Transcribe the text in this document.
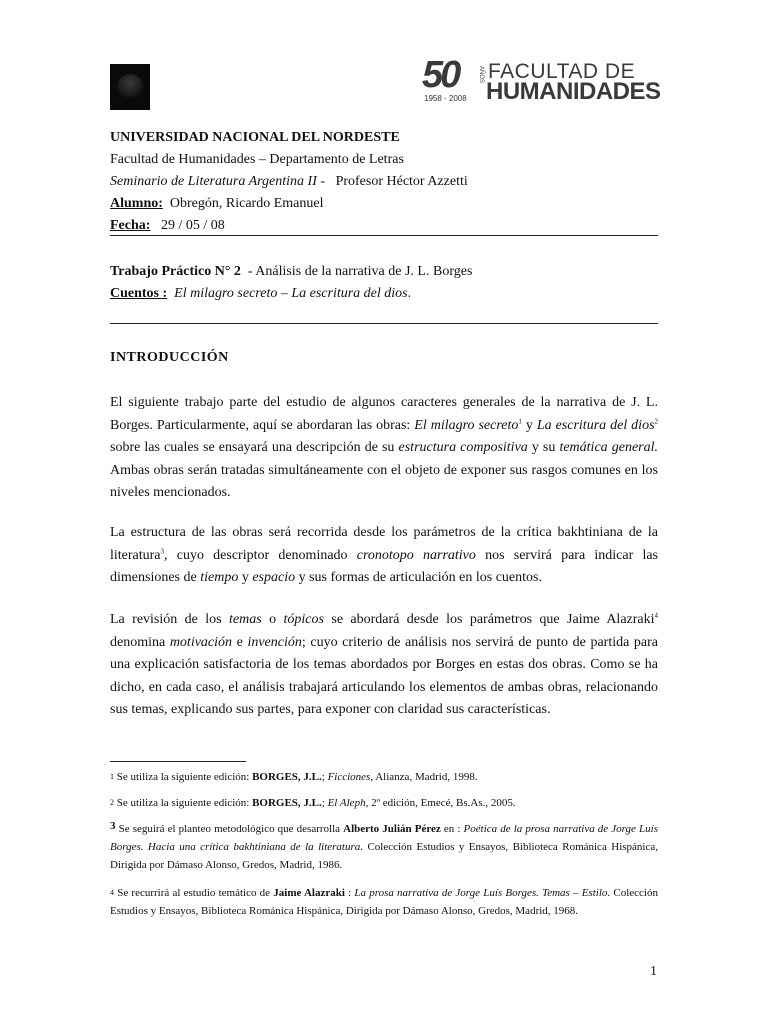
50	AÑOS
1958 - 2008
FACULTAD DE
HUMANIDADES
UNIVERSIDAD NACIONAL DEL NORDESTE
Facultad de Humanidades – Departamento de Letras
Seminario de Literatura Argentina II -   Profesor Héctor Azzetti
Alumno: Obregón, Ricardo Emanuel
Fecha: 29 / 05 / 08
Trabajo Práctico N° 2  - Análisis de la narrativa de J. L. Borges
Cuentos : El milagro secreto – La escritura del dios.
INTRODUCCIÓN

El siguiente trabajo parte del estudio de algunos caracteres generales de la narrativa de J. L. Borges. Particularmente, aquí se abordaran las obras: El milagro secreto$^1$ y La escritura del dios$^2$ sobre las cuales se ensayará una descripción de su estructura compositiva y su temática general. Ambas obras serán tratadas simultáneamente con el objeto de exponer sus rasgos comunes en los niveles mencionados.

La estructura de las obras será recorrida desde los parámetros de la crítica bakhtiniana de la literatura$^3$, cuyo descriptor denominado cronotopo narrativo nos servirá para indicar las dimensiones de tiempo y espacio y sus formas de articulación en los cuentos.

La revisión de los temas o tópicos se abordará desde los parámetros que Jaime Alazraki$^4$ denomina motivación e invención; cuyo criterio de análisis nos servirá de punto de partida para una explicación satisfactoria de los temas abordados por Borges en estas dos obras. Como se ha dicho, en cada caso, el análisis trabajará articulando los elementos de ambas obras, relacionando sus temas, explicando sus partes, para exponer con claridad sus características.

$^1$ Se utiliza la siguiente edición: BORGES, J.L.; Ficciones, Alianza, Madrid, 1998.

$^2$ Se utiliza la siguiente edición: BORGES, J.L.; El Aleph, 2º edición, Emecé, Bs.As., 2005.

3 Se seguirá el planteo metodológico que desarrolla Alberto Julián Pérez en : Poética de la prosa narrativa de Jorge Luís Borges. Hacia una crítica bakhtiniana de la literatura. Colección Estudios y Ensayos, Biblioteca Románica Hispánica, Dirigida por Dámaso Alonso, Gredos, Madrid, 1986.

$^4$ Se recurrirá al estudio temático de Jaime Alazraki : La prosa narrativa de Jorge Luís Borges. Temas – Estilo. Colección Estudios y Ensayos, Biblioteca Románica Hispánica, Dirigida por Dámaso Alonso, Gredos, Madrid, 1968.

1
